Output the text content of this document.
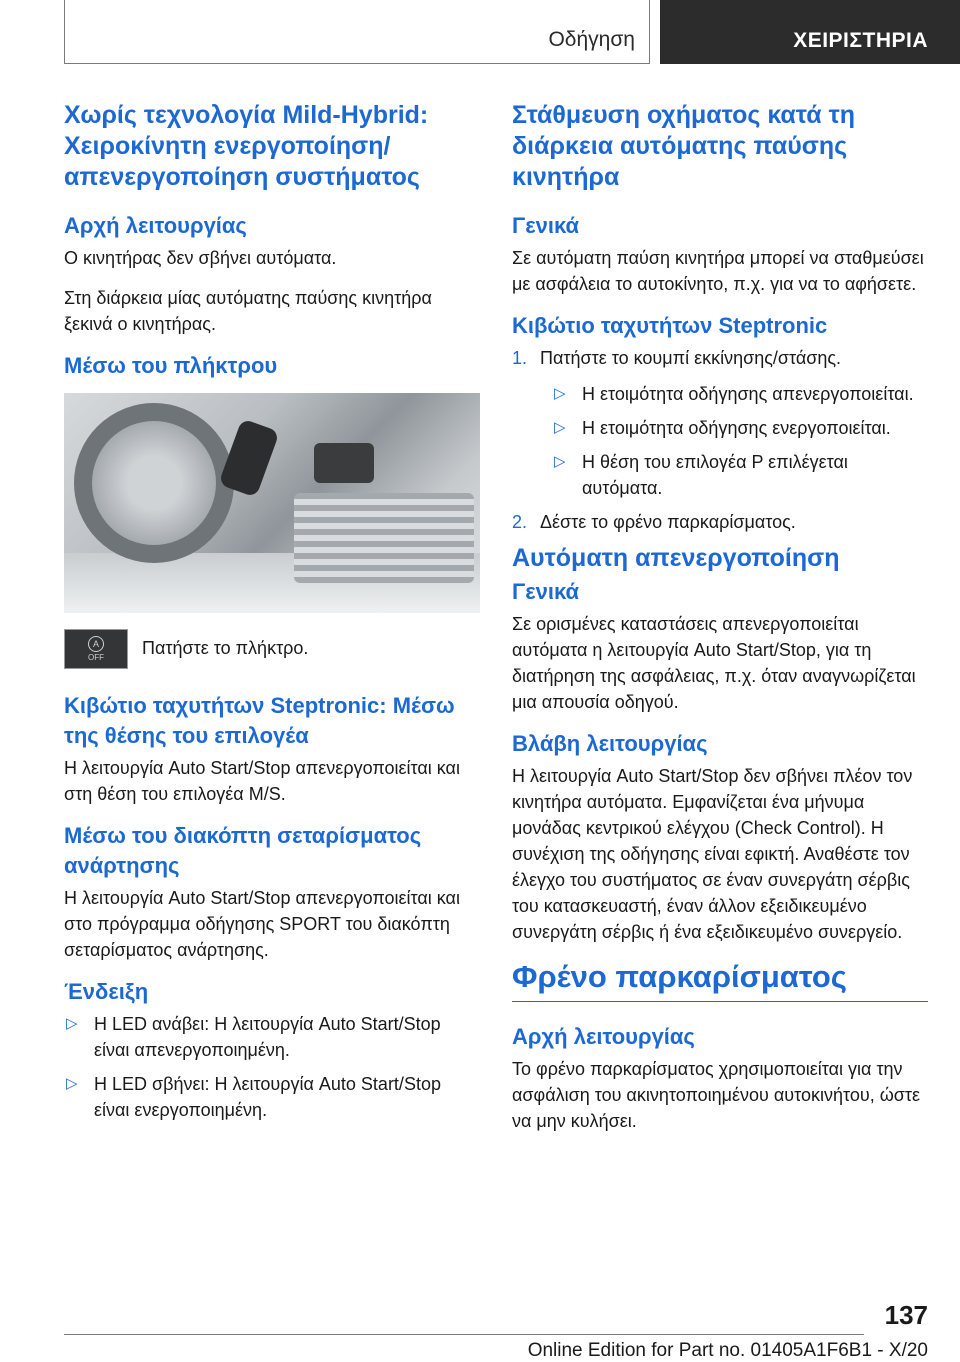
Οδήγηση	ΧΕΙΡΙΣΤΗΡΙΑ
Χωρίς τεχνολογία Mild-Hybrid: Χειροκίνητη ενεργοποίηση/απενεργοποίηση συστήματος
Αρχή λειτουργίας

Ο κινητήρας δεν σβήνει αυτόματα.

Στη διάρκεια μίας αυτόματης παύσης κινητήρα ξεκινά ο κινητήρας.

Μέσω του πλήκτρου
A
OFF Πατήστε το πλήκτρο.

Κιβώτιο ταχυτήτων Steptronic: Μέσω της θέσης του επιλογέα

Η λειτουργία Auto Start/Stop απενεργοποιείται και στη θέση του επιλογέα M/S.

Μέσω του διακόπτη σεταρίσματος ανάρτησης

Η λειτουργία Auto Start/Stop απενεργοποιείται και στο πρόγραμμα οδήγησης SPORT του διακόπτη σεταρίσματος ανάρτησης.

Ένδειξη
▷ Η LED ανάβει: Η λειτουργία Auto Start/Stop είναι απενεργοποιημένη.
▷ Η LED σβήνει: Η λειτουργία Auto Start/Stop είναι ενεργοποιημένη.
Στάθμευση οχήματος κατά τη διάρκεια αυτόματης παύσης κινητήρα
Γενικά

Σε αυτόματη παύση κινητήρα μπορεί να σταθμεύσει με ασφάλεια το αυτοκίνητο, π.χ. για να το αφήσετε.

Κιβώτιο ταχυτήτων Steptronic
1. Πατήστε το κουμπί εκκίνησης/στάσης.
▷ Η ετοιμότητα οδήγησης απενεργοποιείται.
▷ Η ετοιμότητα οδήγησης ενεργοποιείται.
▷ Η θέση του επιλογέα P επιλέγεται αυτόματα.
2. Δέστε το φρένο παρκαρίσματος.
Αυτόματη απενεργοποίηση
Γενικά

Σε ορισμένες καταστάσεις απενεργοποιείται αυτόματα η λειτουργία Auto Start/Stop, για τη διατήρηση της ασφάλειας, π.χ. όταν αναγνωρίζεται μια απουσία οδηγού.

Βλάβη λειτουργίας

Η λειτουργία Auto Start/Stop δεν σβήνει πλέον τον κινητήρα αυτόματα. Εμφανίζεται ένα μήνυμα μονάδας κεντρικού ελέγχου (Check Control). Η συνέχιση της οδήγησης είναι εφικτή. Αναθέστε τον έλεγχο του συστήματος σε έναν συνεργάτη σέρβις του κατασκευαστή, έναν άλλον εξειδικευμένο συνεργάτη σέρβις ή ένα εξειδικευμένο συνεργείο.

Φρένο παρκαρίσματος
Αρχή λειτουργίας

Το φρένο παρκαρίσματος χρησιμοποιείται για την ασφάλιση του ακινητοποιημένου αυτοκινήτου, ώστε να μην κυλήσει.

137
Online Edition for Part no. 01405A1F6B1 - X/20
